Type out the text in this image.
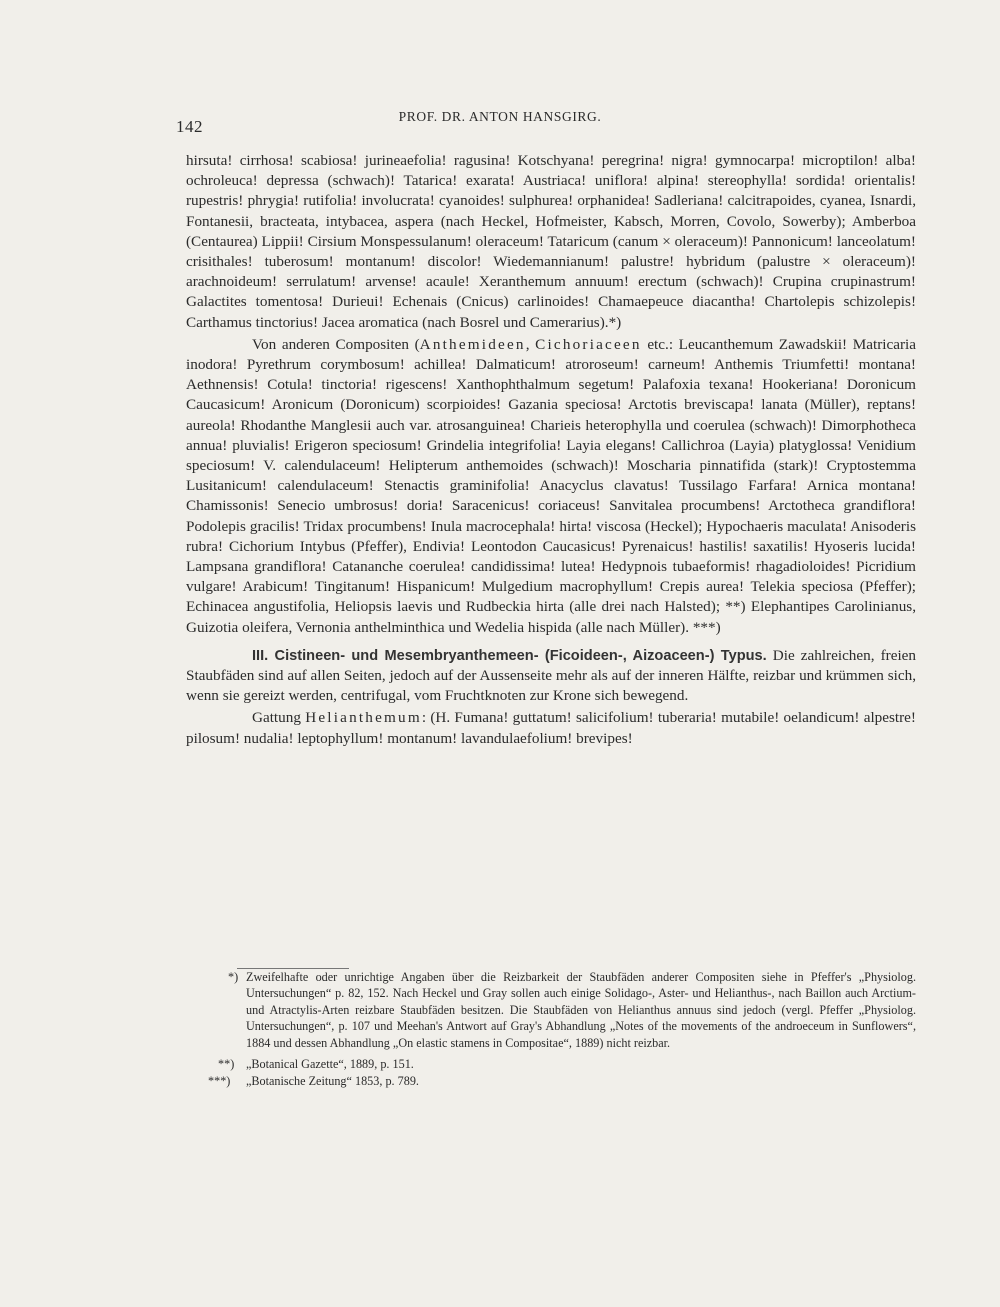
142
PROF. DR. ANTON HANSGIRG.

hirsuta! cirrhosa! scabiosa! jurineaefolia! ragusina! Kotschyana! peregrina! nigra! gymnocarpa! microptilon! alba! ochroleuca! depressa (schwach)! Tatarica! exarata! Austriaca! uniflora! alpina! stereophylla! sordida! orientalis! rupestris! phrygia! rutifolia! involucrata! cyanoides! sulphurea! orphanidea! Sadleriana! calcitrapoides, cyanea, Isnardi, Fontanesii, bracteata, intybacea, aspera (nach Heckel, Hofmeister, Kabsch, Morren, Covolo, Sowerby); Amberboa (Centaurea) Lippii! Cirsium Monspessulanum! oleraceum! Tataricum (canum × oleraceum)! Pannonicum! lanceolatum! crisithales! tuberosum! montanum! discolor! Wiedemannianum! palustre! hybridum (palustre × oleraceum)! arachnoideum! serrulatum! arvense! acaule! Xeranthemum annuum! erectum (schwach)! Crupina crupinastrum! Galactites tomentosa! Durieui! Echenais (Cnicus) carlinoides! Chamaepeuce diacantha! Chartolepis schizolepis! Carthamus tinctorius! Jacea aromatica (nach Bosrel und Camerarius).*)

Von anderen Compositen (Anthemideen, Cichoriaceen etc.: Leucanthemum Zawadskii! Matricaria inodora! Pyrethrum corymbosum! achillea! Dalmaticum! atroroseum! carneum! Anthemis Triumfetti! montana! Aethnensis! Cotula! tinctoria! rigescens! Xanthophthalmum segetum! Palafoxia texana! Hookeriana! Doronicum Caucasicum! Aronicum (Doronicum) scorpioides! Gazania speciosa! Arctotis breviscapa! lanata (Müller), reptans! aureola! Rhodanthe Manglesii auch var. atrosanguinea! Charieis heterophylla und coerulea (schwach)! Dimorphotheca annua! pluvialis! Erigeron speciosum! Grindelia integrifolia! Layia elegans! Callichroa (Layia) platyglossa! Venidium speciosum! V. calendulaceum! Helipterum anthemoides (schwach)! Moscharia pinnatifida (stark)! Cryptostemma Lusitanicum! calendulaceum! Stenactis graminifolia! Anacyclus clavatus! Tussilago Farfara! Arnica montana! Chamissonis! Senecio umbrosus! doria! Saracenicus! coriaceus! Sanvitalea procumbens! Arctotheca grandiflora! Podolepis gracilis! Tridax procumbens! Inula macrocephala! hirta! viscosa (Heckel); Hypochaeris maculata! Anisoderis rubra! Cichorium Intybus (Pfeffer), Endivia! Leontodon Caucasicus! Pyrenaicus! hastilis! saxatilis! Hyoseris lucida! Lampsana grandiflora! Catananche coerulea! candidissima! lutea! Hedypnois tubaeformis! rhagadioloides! Picridium vulgare! Arabicum! Tingitanum! Hispanicum! Mulgedium macrophyllum! Crepis aurea! Telekia speciosa (Pfeffer); Echinacea angustifolia, Heliopsis laevis und Rudbeckia hirta (alle drei nach Halsted); **) Elephantipes Carolinianus, Guizotia oleifera, Vernonia anthelminthica und Wedelia hispida (alle nach Müller). ***)

III. Cistineen- und Mesembryanthemeen- (Ficoideen-, Aizoaceen-) Typus. Die zahlreichen, freien Staubfäden sind auf allen Seiten, jedoch auf der Aussenseite mehr als auf der inneren Hälfte, reizbar und krümmen sich, wenn sie gereizt werden, centrifugal, vom Fruchtknoten zur Krone sich bewegend.

Gattung Helianthemum: (H. Fumana! guttatum! salicifolium! tuberaria! mutabile! oelandicum! alpestre! pilosum! nudalia! leptophyllum! montanum! lavandulaefolium! brevipes!

*) Zweifelhafte oder unrichtige Angaben über die Reizbarkeit der Staubfäden anderer Compositen siehe in Pfeffer's „Physiolog. Untersuchungen“ p. 82, 152. Nach Heckel und Gray sollen auch einige Solidago-, Aster- und Helianthus-, nach Baillon auch Arctium- und Atractylis-Arten reizbare Staubfäden besitzen. Die Staubfäden von Helianthus annuus sind jedoch (vergl. Pfeffer „Physiolog. Untersuchungen“, p. 107 und Meehan's Antwort auf Gray's Abhandlung „Notes of the movements of the androeceum in Sunflowers“, 1884 und dessen Abhandlung „On elastic stamens in Compositae“, 1889) nicht reizbar.

**) „Botanical Gazette“, 1889, p. 151.

***) „Botanische Zeitung“ 1853, p. 789.
